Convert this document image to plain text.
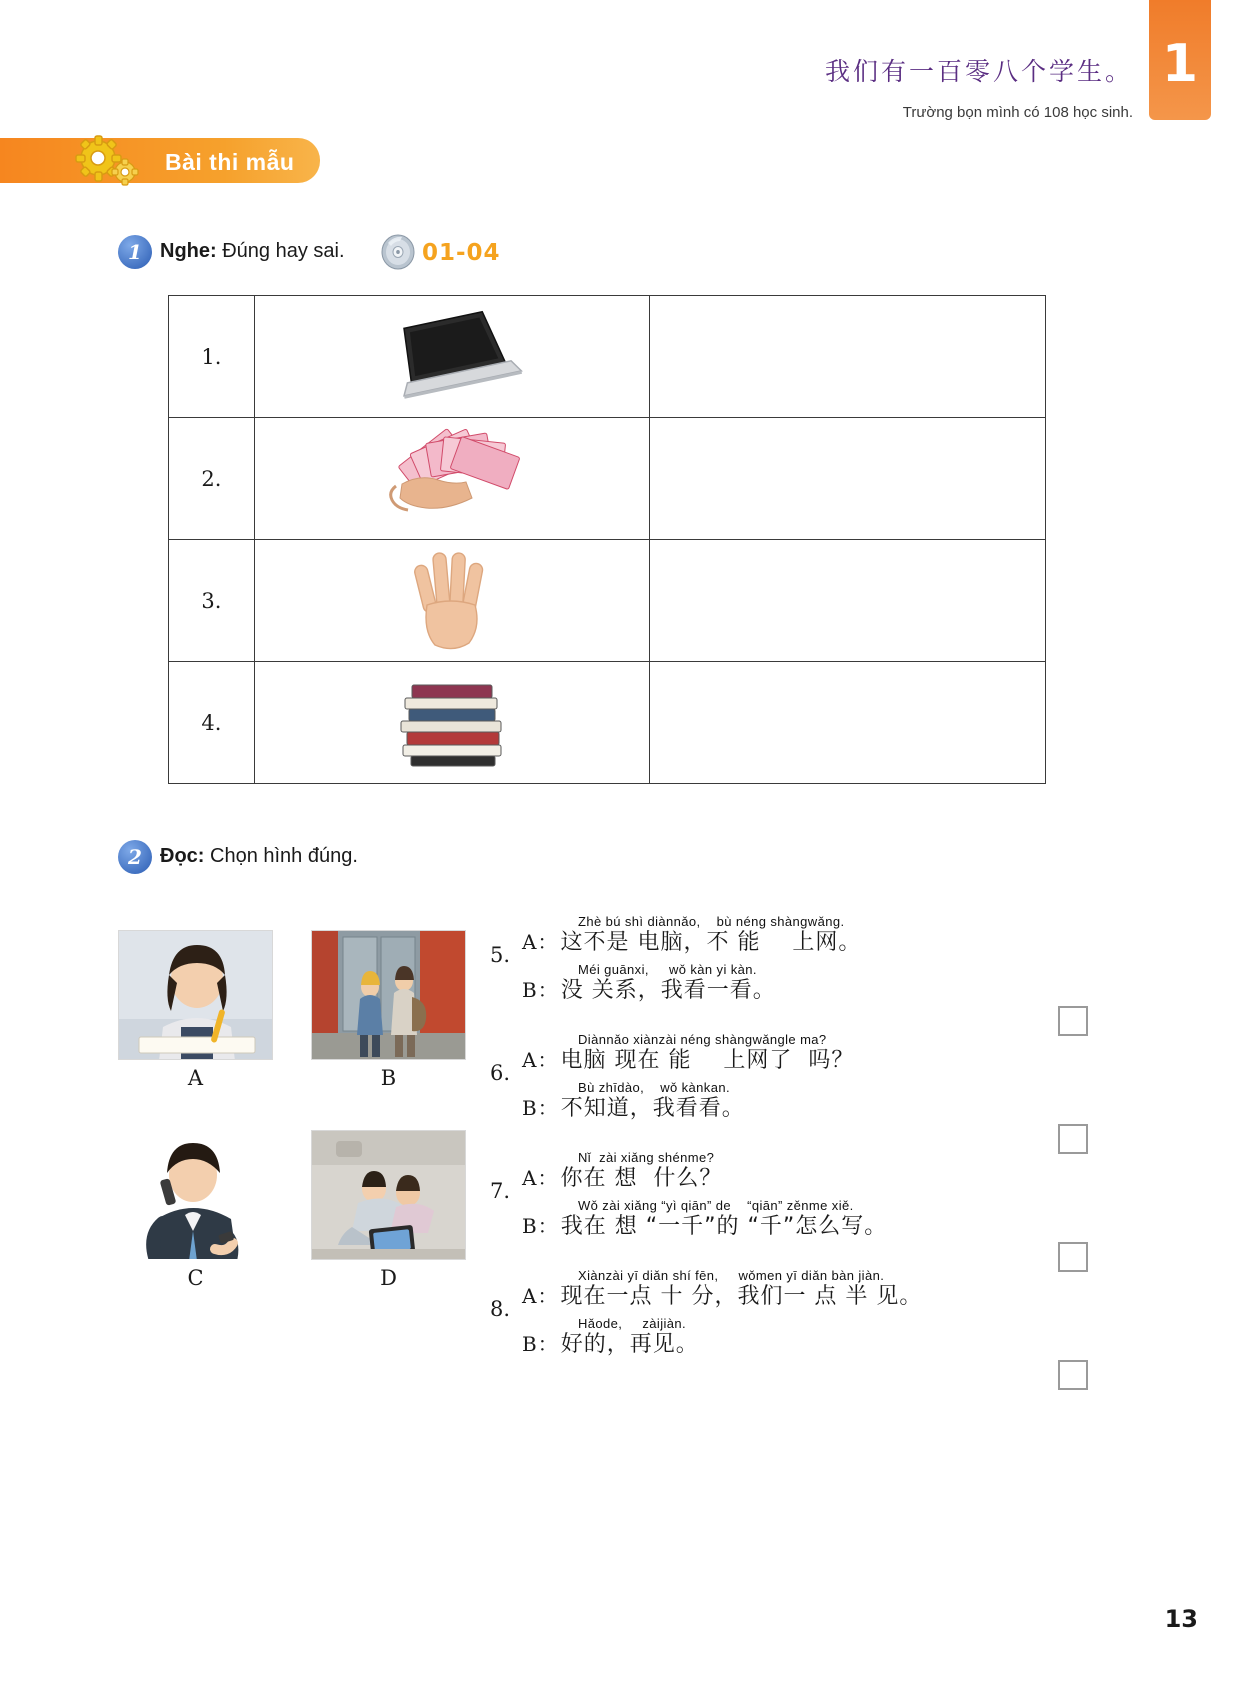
1
我们有一百零八个学生。
Trường bọn mình có 108 học sinh.
Bài thi mẫu
1 Nghe: Đúng hay sai.	01-04
1.	

2.	

3.	

4.	

2 Đọc: Chọn hình đúng.
A	B
C	D
5.
Zhè bú shì diànnǎo,    bù néng shàngwǎng.
A：这不是 电脑，不 能    上网。
Méi guānxi,     wǒ kàn yi kàn.
B：没 关系，我看一看。
6.
Diànnǎo xiànzài néng shàngwǎngle ma?
A：电脑 现在 能    上网了  吗？
Bù zhīdào,    wǒ kànkan.
B：不知道，我看看。
7.
Nǐ  zài xiǎng shénme?
A：你在 想  什么？
Wǒ zài xiǎng “yì qiān” de    “qiān” zěnme xiě.
B：我在 想 “一千”的 “千”怎么写。
8.
Xiànzài yī diǎn shí fēn,     wǒmen yī diǎn bàn jiàn.
A：现在一点 十 分，我们一 点 半 见。
Hǎode,     zàijiàn.
B：好的，再见。
13
